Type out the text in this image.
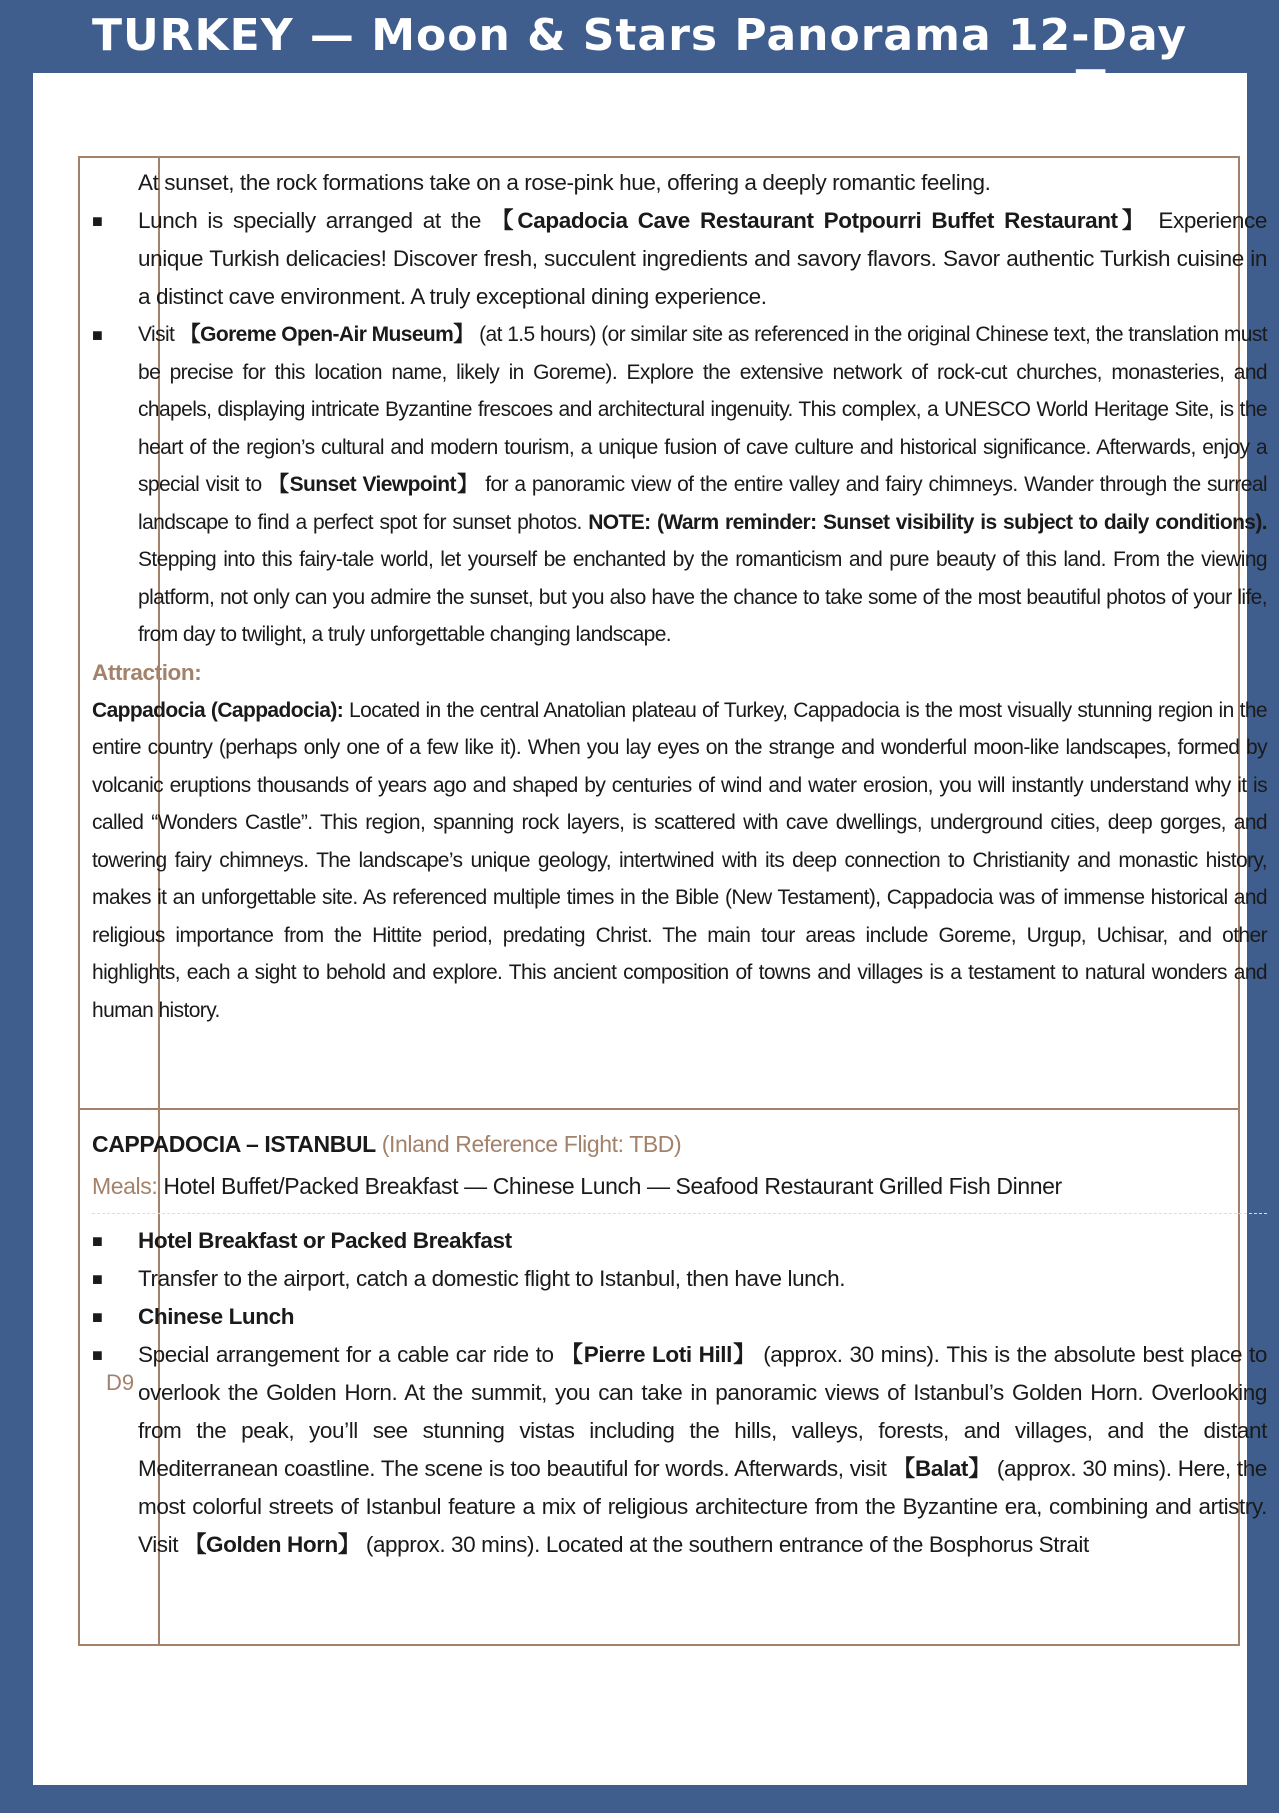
TURKEY — Moon & Stars Panorama 12-Day
D9
At sunset, the rock formations take on a rose-pink hue, offering a deeply romantic feeling.
■	Lunch is specially arranged at the 【Capadocia Cave Restaurant Potpourri Buffet Restaurant】 Experience unique Turkish delicacies! Discover fresh, succulent ingredients and savory flavors. Savor authentic Turkish cuisine in a distinct cave environment. A truly exceptional dining experience.
■	Visit 【Goreme Open-Air Museum】 (at 1.5 hours) (or similar site as referenced in the original Chinese text, the translation must be precise for this location name, likely in Goreme). Explore the extensive network of rock-cut churches, monasteries, and chapels, displaying intricate Byzantine frescoes and architectural ingenuity. This complex, a UNESCO World Heritage Site, is the heart of the region’s cultural and modern tourism, a unique fusion of cave culture and historical significance. Afterwards, enjoy a special visit to 【Sunset Viewpoint】 for a panoramic view of the entire valley and fairy chimneys. Wander through the surreal landscape to find a perfect spot for sunset photos. NOTE: (Warm reminder: Sunset visibility is subject to daily conditions). Stepping into this fairy-tale world, let yourself be enchanted by the romanticism and pure beauty of this land. From the viewing platform, not only can you admire the sunset, but you also have the chance to take some of the most beautiful photos of your life, from day to twilight, a truly unforgettable changing landscape.
Attraction:
Cappadocia (Cappadocia): Located in the central Anatolian plateau of Turkey, Cappadocia is the most visually stunning region in the entire country (perhaps only one of a few like it). When you lay eyes on the strange and wonderful moon-like landscapes, formed by volcanic eruptions thousands of years ago and shaped by centuries of wind and water erosion, you will instantly understand why it is called “Wonders Castle”. This region, spanning rock layers, is scattered with cave dwellings, underground cities, deep gorges, and towering fairy chimneys. The landscape’s unique geology, intertwined with its deep connection to Christianity and monastic history, makes it an unforgettable site. As referenced multiple times in the Bible (New Testament), Cappadocia was of immense historical and religious importance from the Hittite period, predating Christ. The main tour areas include Goreme, Urgup, Uchisar, and other highlights, each a sight to behold and explore. This ancient composition of towns and villages is a testament to natural wonders and human history.
CAPPADOCIA – ISTANBUL (Inland Reference Flight: TBD)
Meals: Hotel Buffet/Packed Breakfast — Chinese Lunch — Seafood Restaurant Grilled Fish Dinner
■	Hotel Breakfast or Packed Breakfast
■	Transfer to the airport, catch a domestic flight to Istanbul, then have lunch.
■	Chinese Lunch
■	Special arrangement for a cable car ride to 【Pierre Loti Hill】 (approx. 30 mins). This is the absolute best place to overlook the Golden Horn. At the summit, you can take in panoramic views of Istanbul’s Golden Horn. Overlooking from the peak, you’ll see stunning vistas including the hills, valleys, forests, and villages, and the distant Mediterranean coastline. The scene is too beautiful for words. Afterwards, visit 【Balat】 (approx. 30 mins). Here, the most colorful streets of Istanbul feature a mix of religious architecture from the Byzantine era, combining and artistry. Visit 【Golden Horn】 (approx. 30 mins). Located at the southern entrance of the Bosphorus Strait
